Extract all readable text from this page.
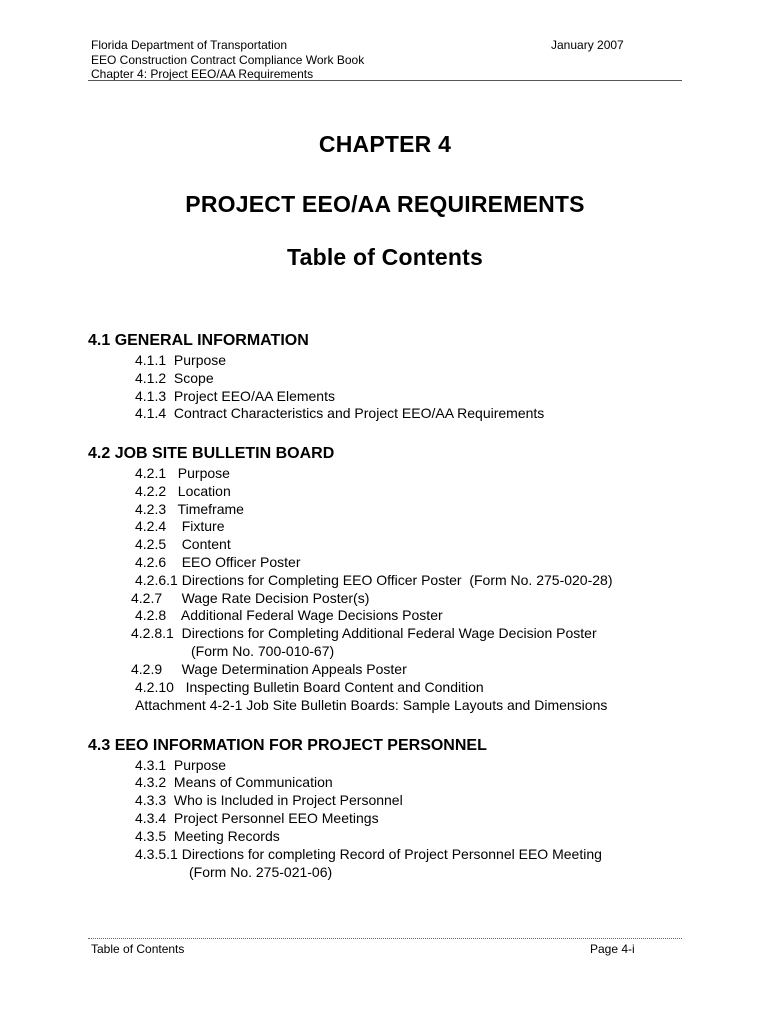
Florida Department of Transportation
EEO Construction Contract Compliance Work Book
Chapter 4: Project EEO/AA Requirements
January 2007
CHAPTER 4
PROJECT EEO/AA REQUIREMENTS
Table of Contents
4.1 GENERAL INFORMATION
4.1.1  Purpose
4.1.2  Scope
4.1.3  Project EEO/AA Elements
4.1.4  Contract Characteristics and Project EEO/AA Requirements
4.2 JOB SITE BULLETIN BOARD
4.2.1   Purpose
4.2.2   Location
4.2.3   Timeframe
4.2.4    Fixture
4.2.5    Content
4.2.6    EEO Officer Poster
4.2.6.1 Directions for Completing EEO Officer Poster  (Form No. 275-020-28)
4.2.7     Wage Rate Decision Poster(s)
4.2.8    Additional Federal Wage Decisions Poster
4.2.8.1  Directions for Completing Additional Federal Wage Decision Poster
(Form No. 700-010-67)
4.2.9     Wage Determination Appeals Poster
4.2.10   Inspecting Bulletin Board Content and Condition
Attachment 4-2-1 Job Site Bulletin Boards: Sample Layouts and Dimensions
4.3 EEO INFORMATION FOR PROJECT PERSONNEL
4.3.1  Purpose
4.3.2  Means of Communication
4.3.3  Who is Included in Project Personnel
4.3.4  Project Personnel EEO Meetings
4.3.5  Meeting Records
4.3.5.1 Directions for completing Record of Project Personnel EEO Meeting
(Form No. 275-021-06)
Table of Contents	Page 4-i
